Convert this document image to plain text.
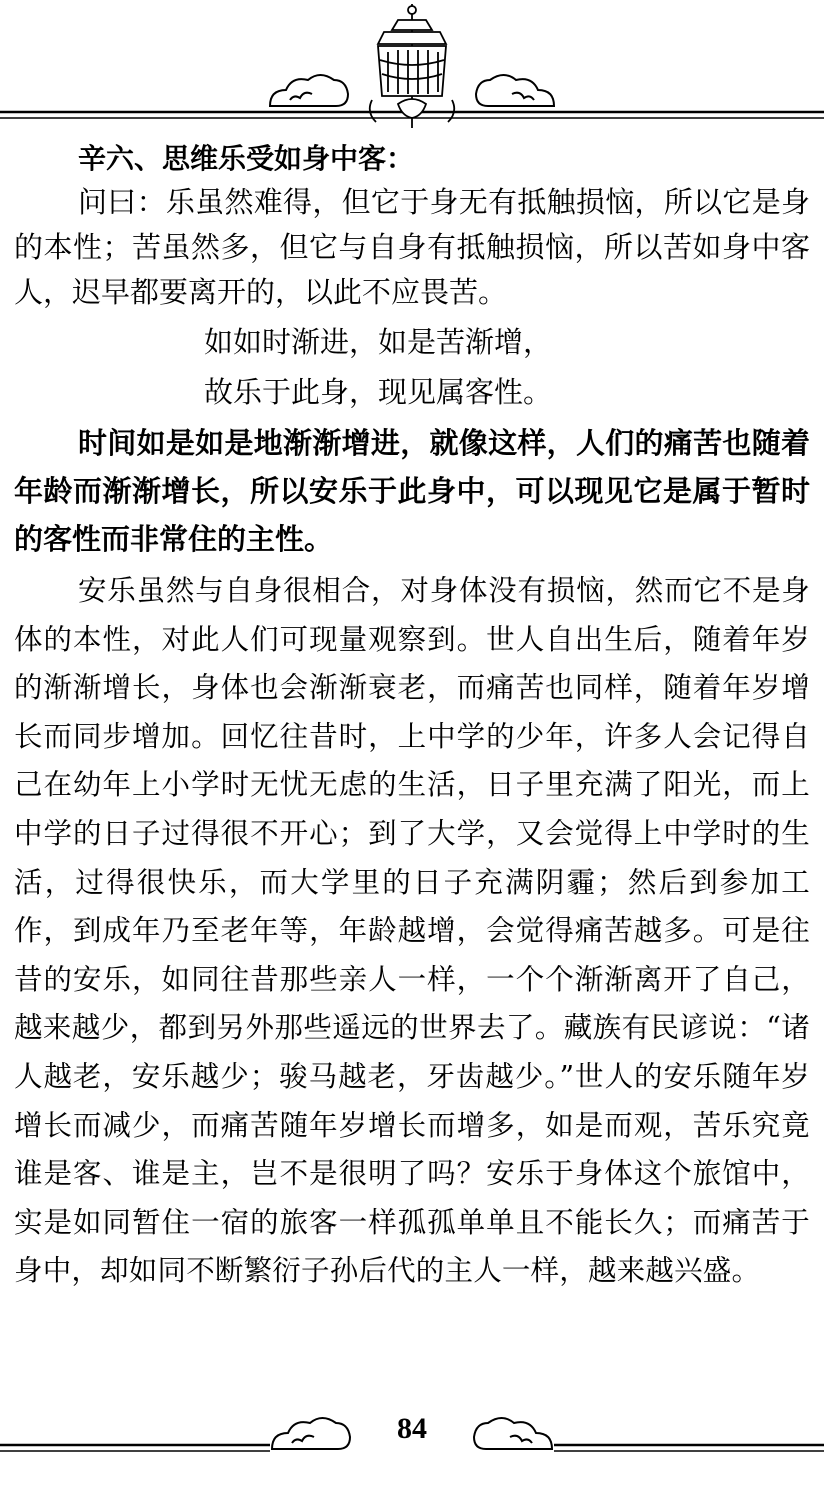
辛六、思维乐受如身中客：

问曰：乐虽然难得，但它于身无有抵触损恼，所以它是身的本性；苦虽然多，但它与自身有抵触损恼，所以苦如身中客人，迟早都要离开的，以此不应畏苦。

如如时渐进，如是苦渐增，

故乐于此身，现见属客性。

时间如是如是地渐渐增进，就像这样，人们的痛苦也随着年龄而渐渐增长，所以安乐于此身中，可以现见它是属于暂时的客性而非常住的主性。

安乐虽然与自身很相合，对身体没有损恼，然而它不是身体的本性，对此人们可现量观察到。世人自出生后，随着年岁的渐渐增长，身体也会渐渐衰老，而痛苦也同样，随着年岁增长而同步增加。回忆往昔时，上中学的少年，许多人会记得自己在幼年上小学时无忧无虑的生活，日子里充满了阳光，而上中学的日子过得很不开心；到了大学，又会觉得上中学时的生活，过得很快乐，而大学里的日子充满阴霾；然后到参加工作，到成年乃至老年等，年龄越增，会觉得痛苦越多。可是往昔的安乐，如同往昔那些亲人一样，一个个渐渐离开了自己，越来越少，都到另外那些遥远的世界去了。藏族有民谚说：“诸人越老，安乐越少；骏马越老，牙齿越少。”世人的安乐随年岁增长而减少，而痛苦随年岁增长而增多，如是而观，苦乐究竟谁是客、谁是主，岂不是很明了吗？安乐于身体这个旅馆中，实是如同暂住一宿的旅客一样孤孤单单且不能长久；而痛苦于身中，却如同不断繁衍子孙后代的主人一样，越来越兴盛。

84
